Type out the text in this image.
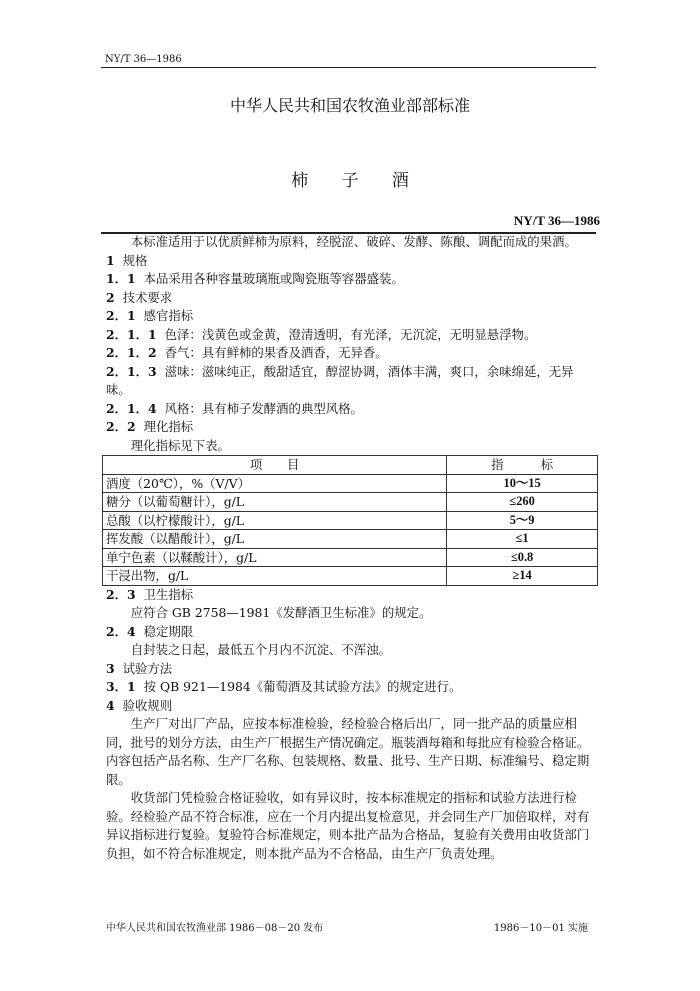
NY/T 36—1986
中华人民共和国农牧渔业部部标准
柿 子 酒
NY/T 36—1986

本标准适用于以优质鲜柿为原料，经脱涩、破碎、发酵、陈酿、调配而成的果酒。

1 规格

1．1 本品采用各种容量玻璃瓶或陶瓷瓶等容器盛装。

2 技术要求

2．1 感官指标

2．1．1 色泽：浅黄色或金黄，澄清透明，有光泽，无沉淀，无明显悬浮物。

2．1．2 香气：具有鲜柿的果香及酒香，无异香。

2．1．3 滋味：滋味纯正，酸甜适宜，醇涩协调，酒体丰满，爽口，余味绵延，无异味。

2．1．4 风格：具有柿子发酵酒的典型风格。

2．2 理化指标

理化指标见下表。

项　　目	指　　　标
酒度（20℃），%（V/V）	10～15
糖分（以葡萄糖计），g/L	≤260
总酸（以柠檬酸计），g/L	5～9
挥发酸（以醋酸计），g/L	≤1
单宁色素（以鞣酸计），g/L	≤0.8
干浸出物，g/L	≥14

2．3 卫生指标

应符合 GB 2758—1981《发酵酒卫生标准》的规定。

2．4 稳定期限

自封装之日起，最低五个月内不沉淀、不浑浊。

3 试验方法

3．1 按 QB 921—1984《葡萄酒及其试验方法》的规定进行。

4 验收规则

生产厂对出厂产品，应按本标准检验，经检验合格后出厂，同一批产品的质量应相同，批号的划分方法，由生产厂根据生产情况确定。瓶装酒每箱和每批应有检验合格证。内容包括产品名称、生产厂名称、包装规格、数量、批号、生产日期、标准编号、稳定期限。

收货部门凭检验合格证验收，如有异议时，按本标准规定的指标和试验方法进行检验。经检验产品不符合标准，应在一个月内提出复检意见，并会同生产厂加倍取样，对有异议指标进行复验。复验符合标准规定，则本批产品为合格品，复验有关费用由收货部门负担，如不符合标准规定，则本批产品为不合格品，由生产厂负责处理。

中华人民共和国农牧渔业部 1986－08－20 发布	1986－10－01 实施
